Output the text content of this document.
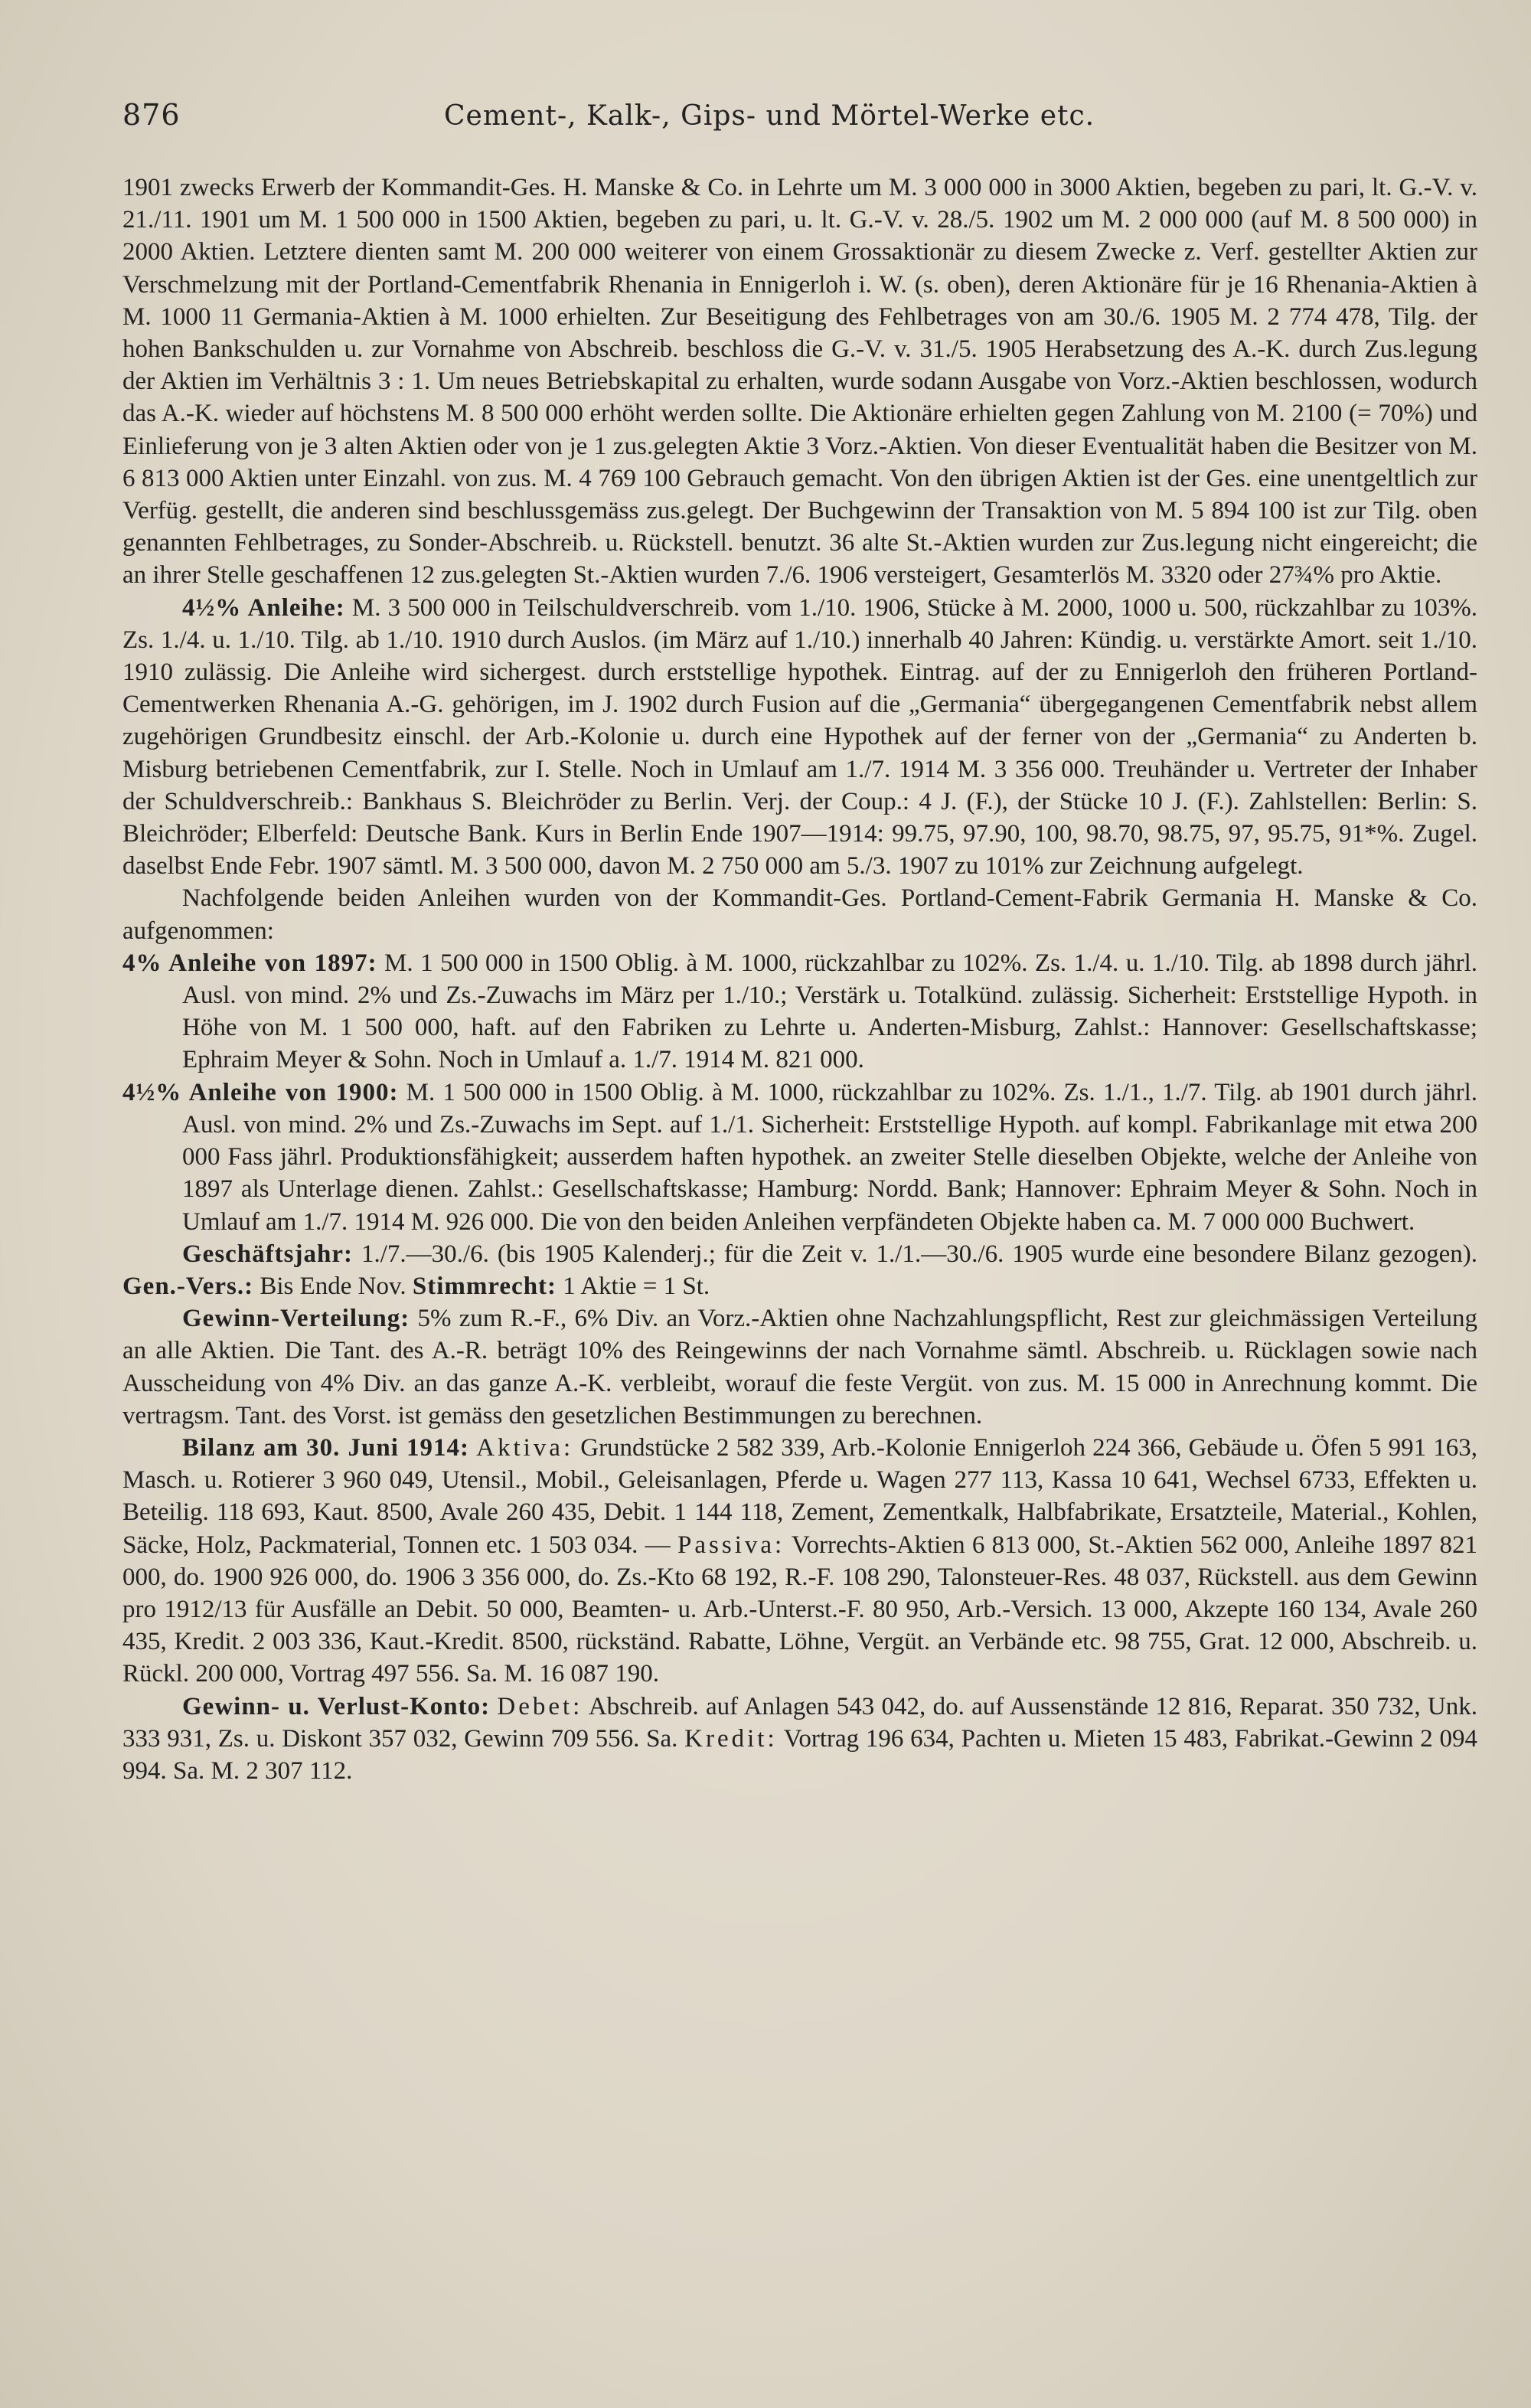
876	Cement-, Kalk-, Gips- und Mörtel-Werke etc.

1901 zwecks Erwerb der Kommandit-Ges. H. Manske & Co. in Lehrte um M. 3 000 000 in 3000 Aktien, begeben zu pari, lt. G.-V. v. 21./11. 1901 um M. 1 500 000 in 1500 Aktien, begeben zu pari, u. lt. G.-V. v. 28./5. 1902 um M. 2 000 000 (auf M. 8 500 000) in 2000 Aktien. Letztere dienten samt M. 200 000 weiterer von einem Grossaktionär zu diesem Zwecke z. Verf. gestellter Aktien zur Verschmelzung mit der Portland-Cementfabrik Rhenania in Ennigerloh i. W. (s. oben), deren Aktionäre für je 16 Rhenania-Aktien à M. 1000 11 Germania-Aktien à M. 1000 erhielten. Zur Beseitigung des Fehlbetrages von am 30./6. 1905 M. 2 774 478, Tilg. der hohen Bankschulden u. zur Vornahme von Abschreib. beschloss die G.-V. v. 31./5. 1905 Herabsetzung des A.-K. durch Zus.legung der Aktien im Verhältnis 3 : 1. Um neues Betriebskapital zu erhalten, wurde sodann Ausgabe von Vorz.-Aktien beschlossen, wodurch das A.-K. wieder auf höchstens M. 8 500 000 erhöht werden sollte. Die Aktionäre erhielten gegen Zahlung von M. 2100 (= 70%) und Einlieferung von je 3 alten Aktien oder von je 1 zus.gelegten Aktie 3 Vorz.-Aktien. Von dieser Eventualität haben die Besitzer von M. 6 813 000 Aktien unter Einzahl. von zus. M. 4 769 100 Gebrauch gemacht. Von den übrigen Aktien ist der Ges. eine unentgeltlich zur Verfüg. gestellt, die anderen sind beschlussgemäss zus.gelegt. Der Buchgewinn der Transaktion von M. 5 894 100 ist zur Tilg. oben genannten Fehlbetrages, zu Sonder-Abschreib. u. Rückstell. benutzt. 36 alte St.-Aktien wurden zur Zus.legung nicht eingereicht; die an ihrer Stelle geschaffenen 12 zus.gelegten St.-Aktien wurden 7./6. 1906 versteigert, Gesamterlös M. 3320 oder 27¾% pro Aktie.

4½% Anleihe: M. 3 500 000 in Teilschuldverschreib. vom 1./10. 1906, Stücke à M. 2000, 1000 u. 500, rückzahlbar zu 103%. Zs. 1./4. u. 1./10. Tilg. ab 1./10. 1910 durch Auslos. (im März auf 1./10.) innerhalb 40 Jahren: Kündig. u. verstärkte Amort. seit 1./10. 1910 zulässig. Die Anleihe wird sichergest. durch erststellige hypothek. Eintrag. auf der zu Ennigerloh den früheren Portland-Cementwerken Rhenania A.-G. gehörigen, im J. 1902 durch Fusion auf die „Germania“ übergegangenen Cementfabrik nebst allem zugehörigen Grundbesitz einschl. der Arb.-Kolonie u. durch eine Hypothek auf der ferner von der „Germania“ zu Anderten b. Misburg betriebenen Cementfabrik, zur I. Stelle. Noch in Umlauf am 1./7. 1914 M. 3 356 000. Treuhänder u. Vertreter der Inhaber der Schuldverschreib.: Bankhaus S. Bleichröder zu Berlin. Verj. der Coup.: 4 J. (F.), der Stücke 10 J. (F.). Zahlstellen: Berlin: S. Bleichröder; Elberfeld: Deutsche Bank. Kurs in Berlin Ende 1907—1914: 99.75, 97.90, 100, 98.70, 98.75, 97, 95.75, 91*%. Zugel. daselbst Ende Febr. 1907 sämtl. M. 3 500 000, davon M. 2 750 000 am 5./3. 1907 zu 101% zur Zeichnung aufgelegt.

Nachfolgende beiden Anleihen wurden von der Kommandit-Ges. Portland-Cement-Fabrik Germania H. Manske & Co. aufgenommen:

4% Anleihe von 1897: M. 1 500 000 in 1500 Oblig. à M. 1000, rückzahlbar zu 102%. Zs. 1./4. u. 1./10. Tilg. ab 1898 durch jährl. Ausl. von mind. 2% und Zs.-Zuwachs im März per 1./10.; Verstärk u. Totalkünd. zulässig. Sicherheit: Erststellige Hypoth. in Höhe von M. 1 500 000, haft. auf den Fabriken zu Lehrte u. Anderten-Misburg, Zahlst.: Hannover: Gesellschaftskasse; Ephraim Meyer & Sohn. Noch in Umlauf a. 1./7. 1914 M. 821 000.

4½% Anleihe von 1900: M. 1 500 000 in 1500 Oblig. à M. 1000, rückzahlbar zu 102%. Zs. 1./1., 1./7. Tilg. ab 1901 durch jährl. Ausl. von mind. 2% und Zs.-Zuwachs im Sept. auf 1./1. Sicherheit: Erststellige Hypoth. auf kompl. Fabrikanlage mit etwa 200 000 Fass jährl. Produktionsfähigkeit; ausserdem haften hypothek. an zweiter Stelle dieselben Objekte, welche der Anleihe von 1897 als Unterlage dienen. Zahlst.: Gesellschaftskasse; Hamburg: Nordd. Bank; Hannover: Ephraim Meyer & Sohn. Noch in Umlauf am 1./7. 1914 M. 926 000. Die von den beiden Anleihen verpfändeten Objekte haben ca. M. 7 000 000 Buchwert.

Geschäftsjahr: 1./7.—30./6. (bis 1905 Kalenderj.; für die Zeit v. 1./1.—30./6. 1905 wurde eine besondere Bilanz gezogen). Gen.-Vers.: Bis Ende Nov. Stimmrecht: 1 Aktie = 1 St.

Gewinn-Verteilung: 5% zum R.-F., 6% Div. an Vorz.-Aktien ohne Nachzahlungspflicht, Rest zur gleichmässigen Verteilung an alle Aktien. Die Tant. des A.-R. beträgt 10% des Reingewinns der nach Vornahme sämtl. Abschreib. u. Rücklagen sowie nach Ausscheidung von 4% Div. an das ganze A.-K. verbleibt, worauf die feste Vergüt. von zus. M. 15 000 in Anrechnung kommt. Die vertragsm. Tant. des Vorst. ist gemäss den gesetzlichen Bestimmungen zu berechnen.

Bilanz am 30. Juni 1914: Aktiva: Grundstücke 2 582 339, Arb.-Kolonie Ennigerloh 224 366, Gebäude u. Öfen 5 991 163, Masch. u. Rotierer 3 960 049, Utensil., Mobil., Geleisanlagen, Pferde u. Wagen 277 113, Kassa 10 641, Wechsel 6733, Effekten u. Beteilig. 118 693, Kaut. 8500, Avale 260 435, Debit. 1 144 118, Zement, Zementkalk, Halbfabrikate, Ersatzteile, Material., Kohlen, Säcke, Holz, Packmaterial, Tonnen etc. 1 503 034. — Passiva: Vorrechts-Aktien 6 813 000, St.-Aktien 562 000, Anleihe 1897 821 000, do. 1900 926 000, do. 1906 3 356 000, do. Zs.-Kto 68 192, R.-F. 108 290, Talonsteuer-Res. 48 037, Rückstell. aus dem Gewinn pro 1912/13 für Ausfälle an Debit. 50 000, Beamten- u. Arb.-Unterst.-F. 80 950, Arb.-Versich. 13 000, Akzepte 160 134, Avale 260 435, Kredit. 2 003 336, Kaut.-Kredit. 8500, rückständ. Rabatte, Löhne, Vergüt. an Verbände etc. 98 755, Grat. 12 000, Abschreib. u. Rückl. 200 000, Vortrag 497 556. Sa. M. 16 087 190.

Gewinn- u. Verlust-Konto: Debet: Abschreib. auf Anlagen 543 042, do. auf Aussenstände 12 816, Reparat. 350 732, Unk. 333 931, Zs. u. Diskont 357 032, Gewinn 709 556. Sa. Kredit: Vortrag 196 634, Pachten u. Mieten 15 483, Fabrikat.-Gewinn 2 094 994. Sa. M. 2 307 112.
